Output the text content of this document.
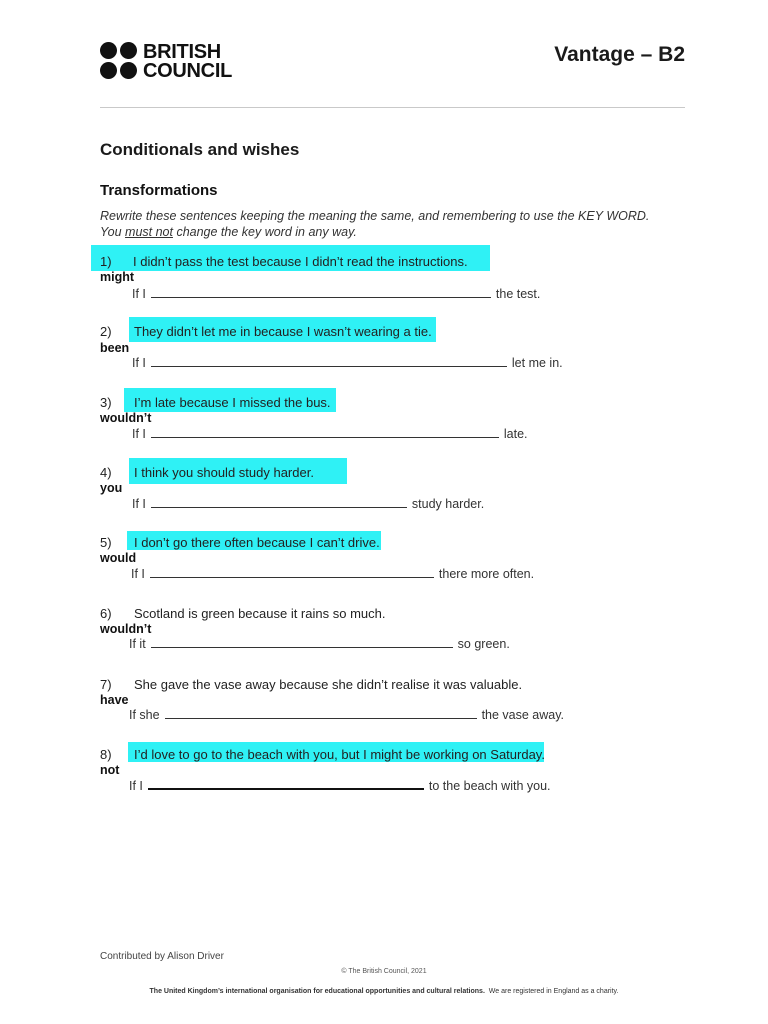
BRITISH
COUNCIL
Vantage – B2
Conditionals and wishes
Transformations
Rewrite these sentences keeping the meaning the same, and remembering to use the KEY WORD.
You must not change the key word in any way.
1) I didn’t pass the test because I didn’t read the instructions.
might
If I	the test.
2) They didn’t let me in because I wasn’t wearing a tie.
been
If I	let me in.
3) I’m late because I missed the bus.
wouldn’t
If I	late.
4) I think you should study harder.
you
If I	study harder.
5) I don’t go there often because I can’t drive.
would
If I	there more often.
6) Scotland is green because it rains so much.
wouldn’t
If it	so green.
7) She gave the vase away because she didn’t realise it was valuable.
have
If she	the vase away.
8) I’d love to go to the beach with you, but I might be working on Saturday.
not
If I	to the beach with you.
Contributed by Alison Driver
© The British Council, 2021
The United Kingdom’s international organisation for educational opportunities and cultural relations. We are registered in England as a charity.
